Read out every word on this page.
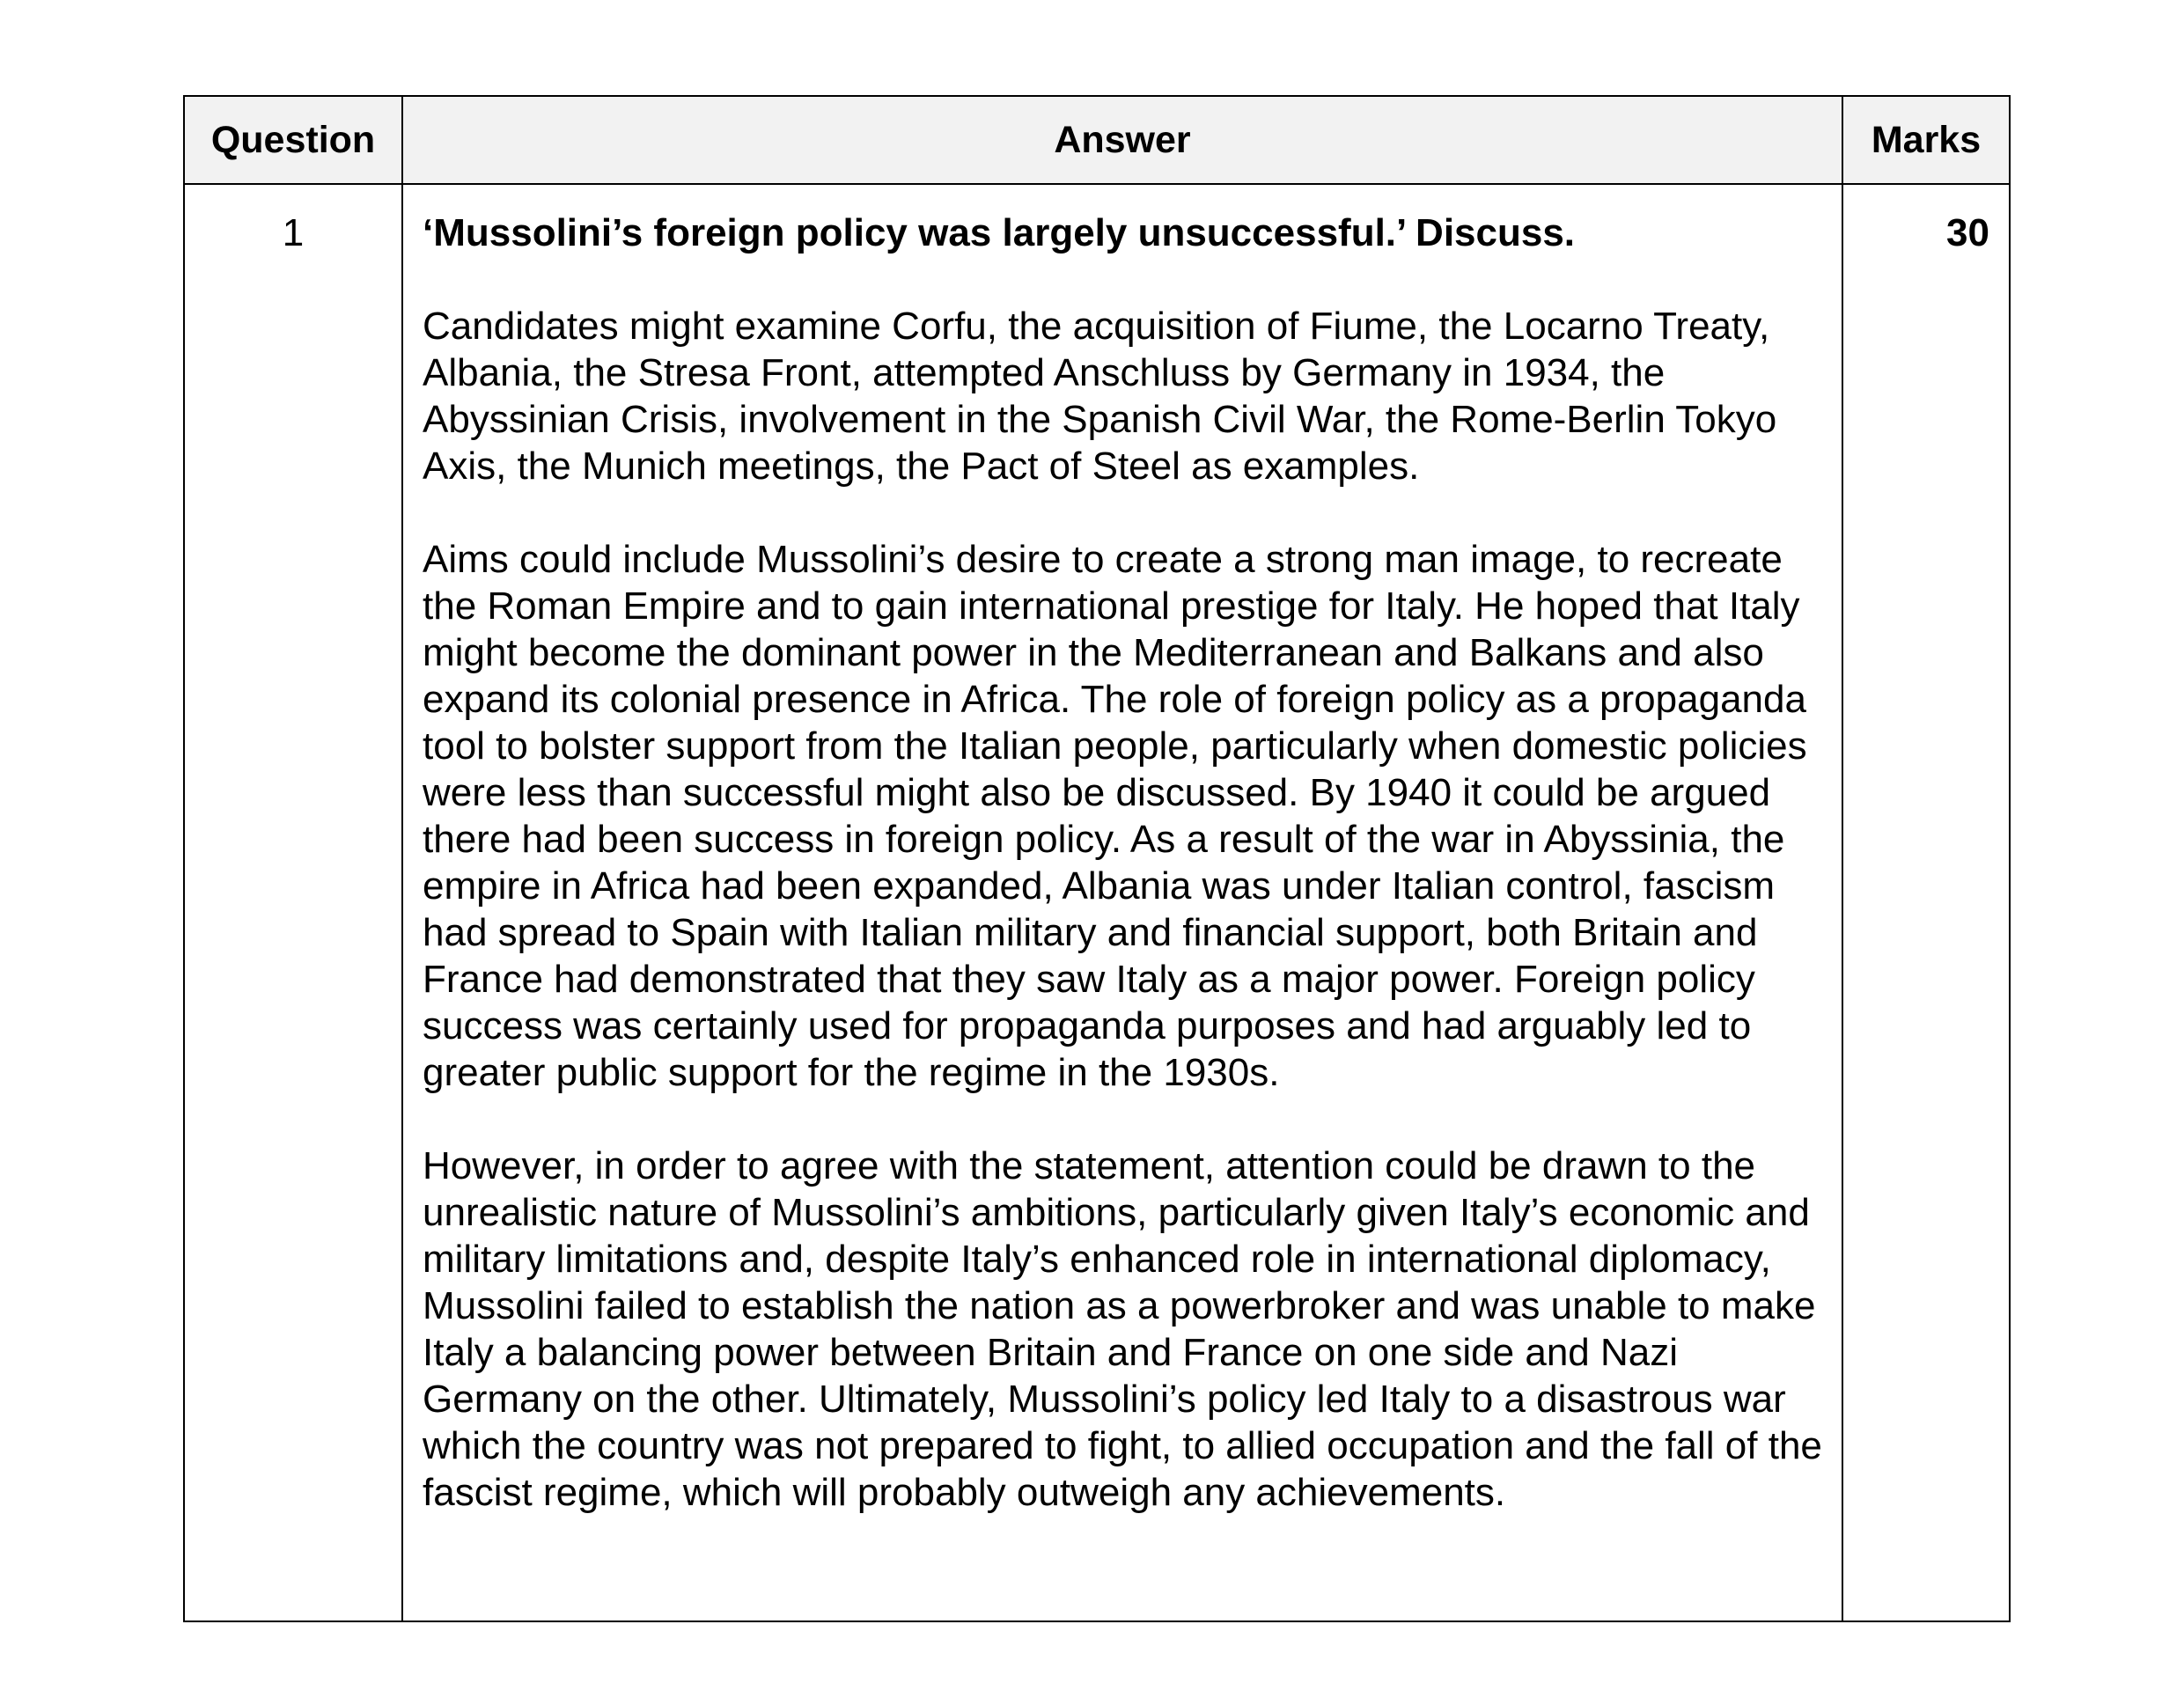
Question	Answer	Marks
1	‘Mussolini’s foreign policy was largely unsuccessful.’ Discuss.

Candidates might examine Corfu, the acquisition of Fiume, the Locarno Treaty, Albania, the Stresa Front, attempted Anschluss by Germany in 1934, the Abyssinian Crisis, involvement in the Spanish Civil War, the Rome-Berlin Tokyo Axis, the Munich meetings, the Pact of Steel as examples.

Aims could include Mussolini’s desire to create a strong man image, to recreate the Roman Empire and to gain international prestige for Italy. He hoped that Italy might become the dominant power in the Mediterranean and Balkans and also expand its colonial presence in Africa. The role of foreign policy as a propaganda tool to bolster support from the Italian people, particularly when domestic policies were less than successful might also be discussed. By 1940 it could be argued there had been success in foreign policy. As a result of the war in Abyssinia, the empire in Africa had been expanded, Albania was under Italian control, fascism had spread to Spain with Italian military and financial support, both Britain and France had demonstrated that they saw Italy as a major power. Foreign policy success was certainly used for propaganda purposes and had arguably led to greater public support for the regime in the 1930s.

However, in order to agree with the statement, attention could be drawn to the unrealistic nature of Mussolini’s ambitions, particularly given Italy’s economic and military limitations and, despite Italy’s enhanced role in international diplomacy, Mussolini failed to establish the nation as a powerbroker and was unable to make Italy a balancing power between Britain and France on one side and Nazi Germany on the other. Ultimately, Mussolini’s policy led Italy to a disastrous war which the country was not prepared to fight, to allied occupation and the fall of the fascist regime, which will probably outweigh any achievements.	30
